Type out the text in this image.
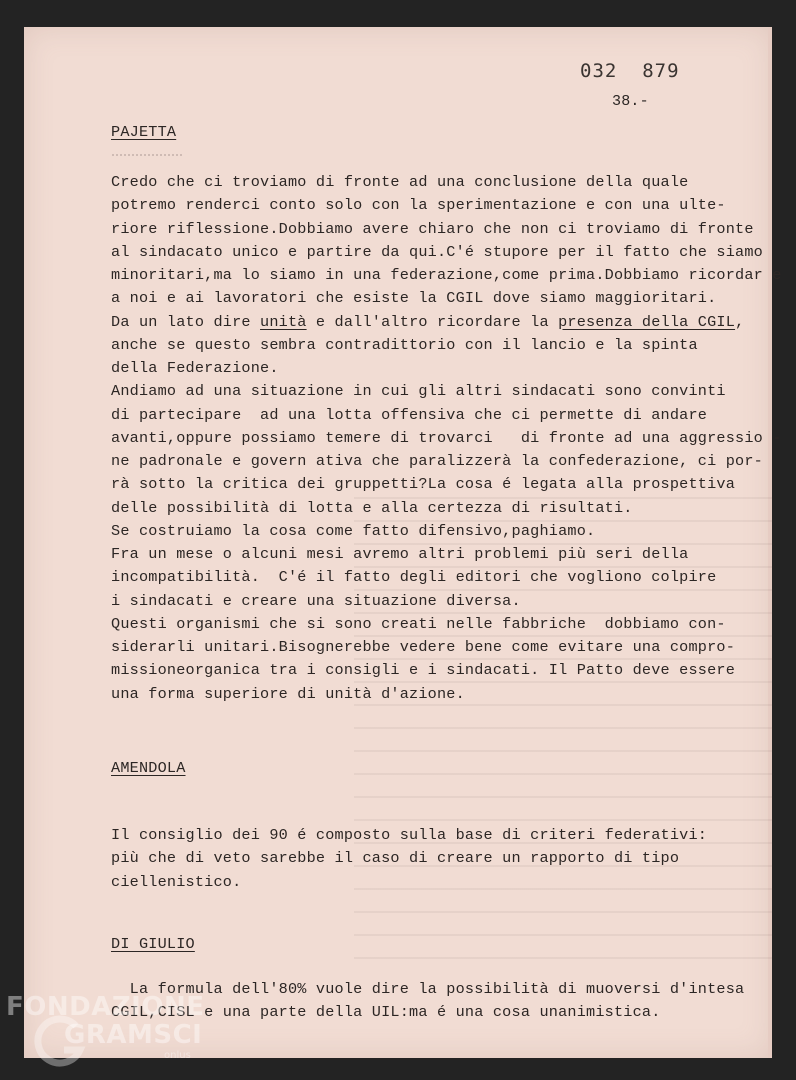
032  879
38.-
PAJETTA
Credo che ci troviamo di fronte ad una conclusione della quale
potremo renderci conto solo con la sperimentazione e con una ulte-
riore riflessione.Dobbiamo avere chiaro che non ci troviamo di fronte
al sindacato unico e partire da qui.C'é stupore per il fatto che siamo
minoritari,ma lo siamo in una federazione,come prima.Dobbiamo ricordar e
a noi e ai lavoratori che esiste la CGIL dove siamo maggioritari.
Da un lato dire unità e dall'altro ricordare la presenza della CGIL,
anche se questo sembra contradittorio con il lancio e la spinta
della Federazione.
Andiamo ad una situazione in cui gli altri sindacati sono convinti
di partecipare  ad una lotta offensiva che ci permette di andare
avanti,oppure possiamo temere di trovarci   di fronte ad una aggressio -
ne padronale e govern ativa che paralizzerà la confederazione, ci por-
rà sotto la critica dei gruppetti?La cosa é legata alla prospettiva
delle possibilità di lotta e alla certezza di risultati.
Se costruiamo la cosa come fatto difensivo,paghiamo.
Fra un mese o alcuni mesi avremo altri problemi più seri della
incompatibilità.  C'é il fatto degli editori che vogliono colpire
i sindacati e creare una situazione diversa.
Questi organismi che si sono creati nelle fabbriche  dobbiamo con-
siderarli unitari.Bisognerebbe vedere bene come evitare una compro-
missioneorganica tra i consigli e i sindacati. Il Patto deve essere
una forma superiore di unità d'azione.
AMENDOLA
Il consiglio dei 90 é composto sulla base di criteri federativi:
più che di veto sarebbe il caso di creare un rapporto di tipo
ciellenistico.
DI GIULIO
La formula dell'80% vuole dire la possibilità di muoversi d'intesa
CGIL,CISL e una parte della UIL:ma é una cosa unanimistica.
FONDAZIONE
GRAMSCI
onlus
